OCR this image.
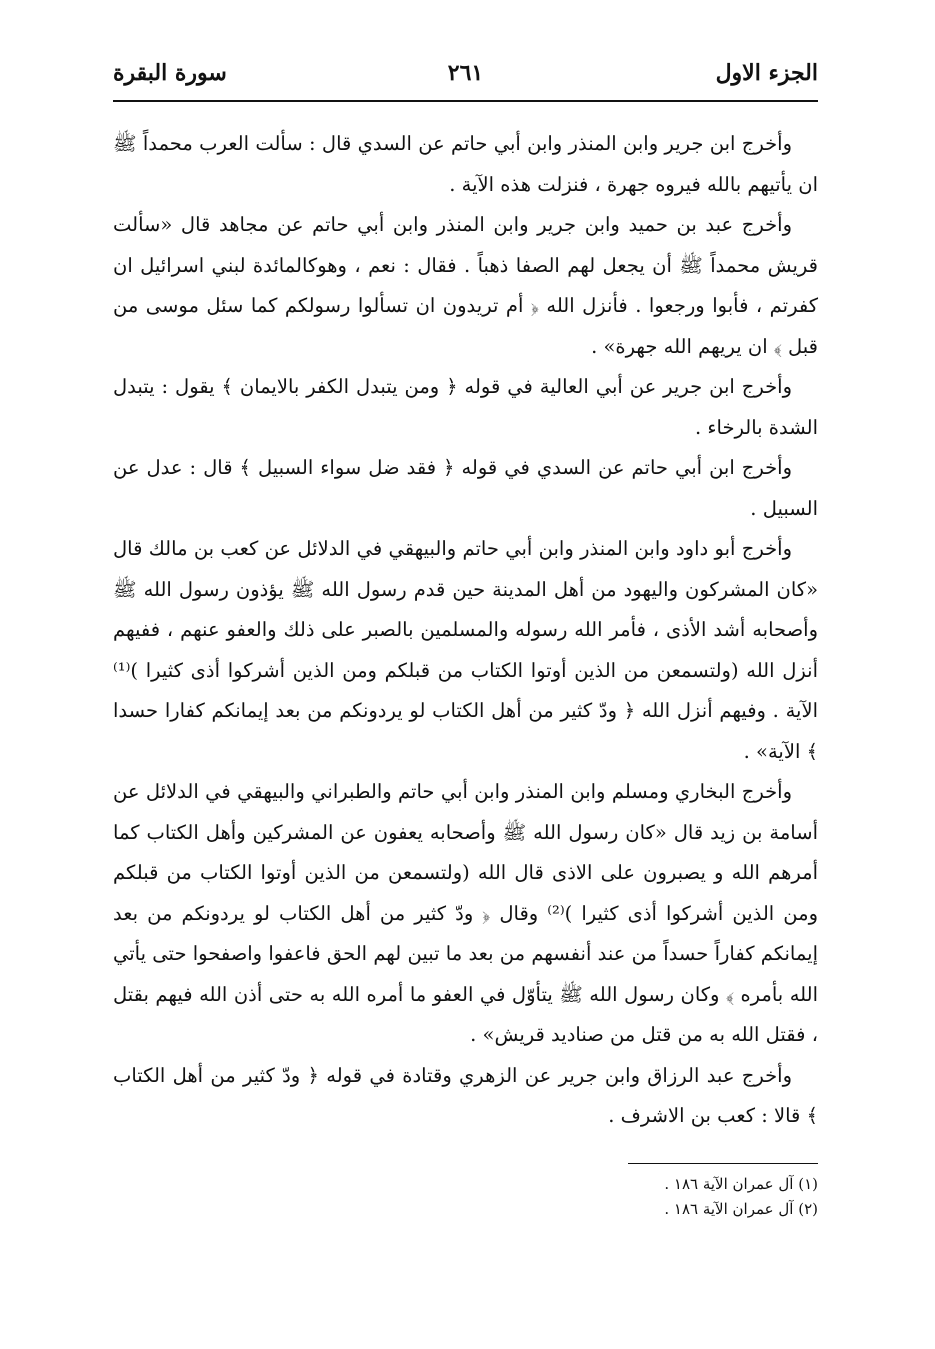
الجزء الاول
٢٦١
سورة البقرة

وأخرج ابن جرير وابن المنذر وابن أبي حاتم عن السدي قال : سألت العرب محمداً ﷺ ان يأتيهم بالله فيروه جهرة ، فنزلت هذه الآية .

وأخرج عبد بن حميد وابن جرير وابن المنذر وابن أبي حاتم عن مجاهد قال «سألت قريش محمداً ﷺ أن يجعل لهم الصفا ذهباً . فقال : نعم ، وهوكالمائدة لبني اسرائيل ان كفرتم ، فأبوا ورجعوا . فأنزل الله ﴿ أم تريدون ان تسألوا رسولكم كما سئل موسى من قبل ﴾ ان يريهم الله جهرة» .

وأخرج ابن جرير عن أبي العالية في قوله ﴿ ومن يتبدل الكفر بالايمان ﴾ يقول : يتبدل الشدة بالرخاء .

وأخرج ابن أبي حاتم عن السدي في قوله ﴿ فقد ضل سواء السبيل ﴾ قال : عدل عن السبيل .

وأخرج أبو داود وابن المنذر وابن أبي حاتم والبيهقي في الدلائل عن كعب بن مالك قال «كان المشركون واليهود من أهل المدينة حين قدم رسول الله ﷺ يؤذون رسول الله ﷺ وأصحابه أشد الأذى ، فأمر الله رسوله والمسلمين بالصبر على ذلك والعفو عنهم ، ففيهم أنزل الله (ولتسمعن من الذين أوتوا الكتاب من قبلكم ومن الذين أشركوا أذى كثيرا )⁽¹⁾ الآية . وفيهم أنزل الله ﴿ ودّ كثير من أهل الكتاب لو يردونكم من بعد إيمانكم كفارا حسدا ﴾ الآية» .

وأخرج البخاري ومسلم وابن المنذر وابن أبي حاتم والطبراني والبيهقي في الدلائل عن أسامة بن زيد قال «كان رسول الله ﷺ وأصحابه يعفون عن المشركين وأهل الكتاب كما أمرهم الله و يصبرون على الاذى قال الله (ولتسمعن من الذين أوتوا الكتاب من قبلكم ومن الذين أشركوا أذى كثيرا )⁽²⁾ وقال ﴿ ودّ كثير من أهل الكتاب لو يردونكم من بعد إيمانكم كفاراً حسداً من عند أنفسهم من بعد ما تبين لهم الحق فاعفوا واصفحوا حتى يأتي الله بأمره ﴾ وكان رسول الله ﷺ يتأوّل في العفو ما أمره الله به حتى أذن الله فيهم بقتل ، فقتل الله به من قتل من صناديد قريش» .

وأخرج عبد الرزاق وابن جرير عن الزهري وقتادة في قوله ﴿ ودّ كثير من أهل الكتاب ﴾ قالا : كعب بن الاشرف .

(١) آل عمران الآية ١٨٦ .

(٢) آل عمران الآية ١٨٦ .
